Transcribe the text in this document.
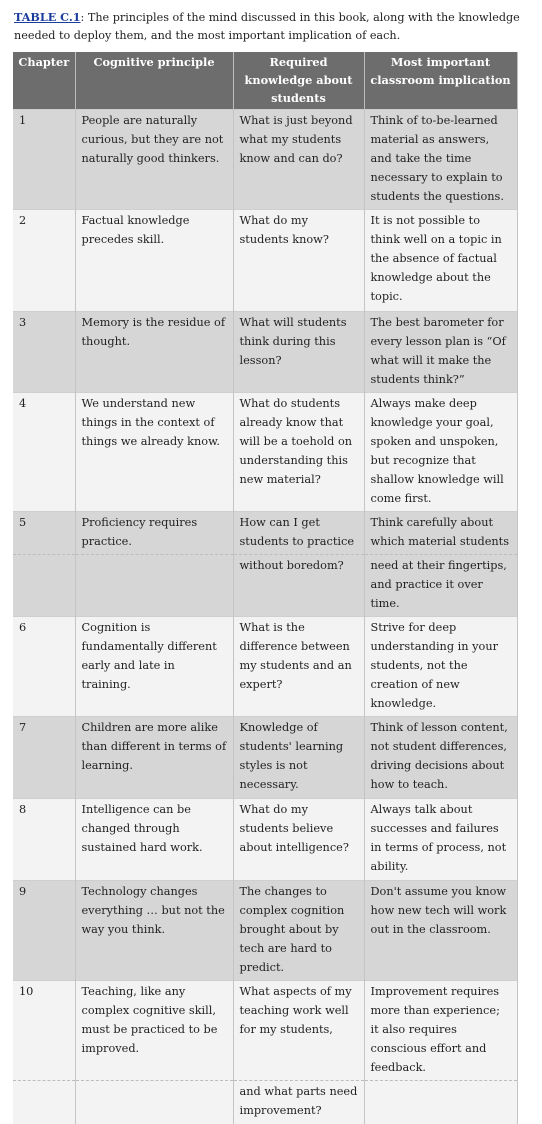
TABLE C.1: The principles of the mind discussed in this book, along with the knowledge needed to deploy them, and the most important implication of each.
Chapter	Cognitive principle	Required knowledge about students	Most important classroom implication
1	People are naturally curious, but they are not naturally good thinkers.	What is just beyond what my students know and can do?	Think of to-be-learned material as answers, and take the time necessary to explain to students the questions.
2	Factual knowledge precedes skill.	What do my students know?	It is not possible to think well on a topic in the absence of factual knowledge about the topic.
3	Memory is the residue of thought.	What will students think during this lesson?	The best barometer for every lesson plan is “Of what will it make the students think?”
4	We understand new things in the context of things we already know.	What do students already know that will be a toehold on understanding this new material?	Always make deep knowledge your goal, spoken and unspoken, but recognize that shallow knowledge will come first.
5	Proficiency requires practice.	How can I get students to practice	Think carefully about which material students
		without boredom?	need at their fingertips, and practice it over time.
6	Cognition is fundamentally different early and late in training.	What is the difference between my students and an expert?	Strive for deep understanding in your students, not the creation of new knowledge.
7	Children are more alike than different in terms of learning.	Knowledge of students' learning styles is not necessary.	Think of lesson content, not student differences, driving decisions about how to teach.
8	Intelligence can be changed through sustained hard work.	What do my students believe about intelligence?	Always talk about successes and failures in terms of process, not ability.
9	Technology changes everything … but not the way you think.	The changes to complex cognition brought about by tech are hard to predict.	Don't assume you know how new tech will work out in the classroom.
10	Teaching, like any complex cognitive skill, must be practiced to be improved.	What aspects of my teaching work well for my students,	Improvement requires more than experience; it also requires conscious effort and feedback.
		and what parts need improvement?	
